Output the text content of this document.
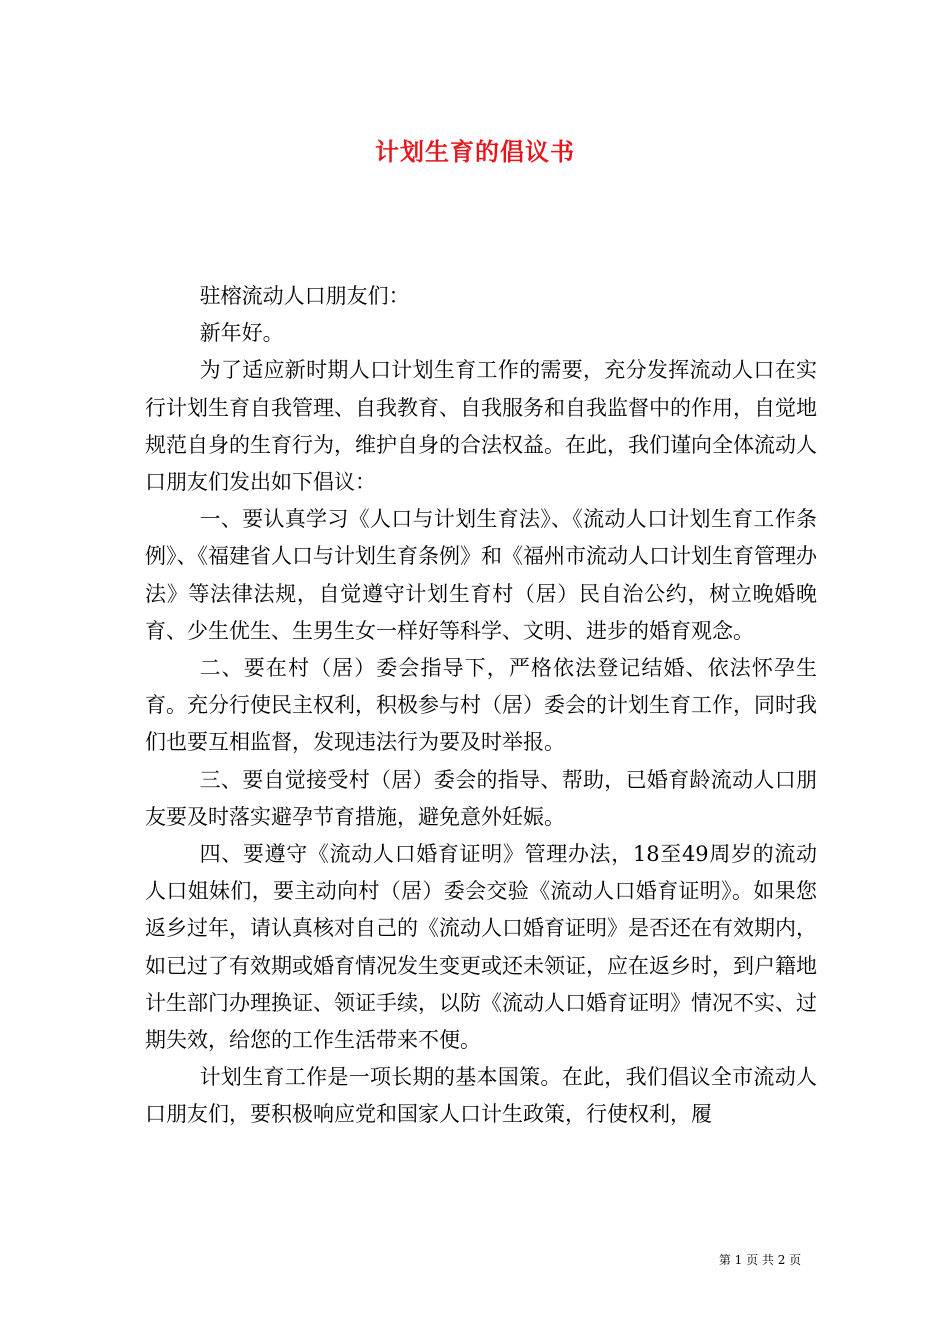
计划生育的倡议书

驻榕流动人口朋友们：

新年好。

为了适应新时期人口计划生育工作的需要，充分发挥流动人口在实行计划生育自我管理、自我教育、自我服务和自我监督中的作用，自觉地规范自身的生育行为，维护自身的合法权益。在此，我们谨向全体流动人口朋友们发出如下倡议：

一、要认真学习《人口与计划生育法》、《流动人口计划生育工作条例》、《福建省人口与计划生育条例》和《福州市流动人口计划生育管理办法》等法律法规，自觉遵守计划生育村（居）民自治公约，树立晚婚晚育、少生优生、生男生女一样好等科学、文明、进步的婚育观念。

二、要在村（居）委会指导下，严格依法登记结婚、依法怀孕生育。充分行使民主权利，积极参与村（居）委会的计划生育工作，同时我们也要互相监督，发现违法行为要及时举报。

三、要自觉接受村（居）委会的指导、帮助，已婚育龄流动人口朋友要及时落实避孕节育措施，避免意外妊娠。

四、要遵守《流动人口婚育证明》管理办法，18至49周岁的流动人口姐妹们，要主动向村（居）委会交验《流动人口婚育证明》。如果您返乡过年，请认真核对自己的《流动人口婚育证明》是否还在有效期内，如已过了有效期或婚育情况发生变更或还未领证，应在返乡时，到户籍地计生部门办理换证、领证手续，以防《流动人口婚育证明》情况不实、过期失效，给您的工作生活带来不便。

计划生育工作是一项长期的基本国策。在此，我们倡议全市流动人口朋友们，要积极响应党和国家人口计生政策，行使权利，履

第 1 页 共 2 页
